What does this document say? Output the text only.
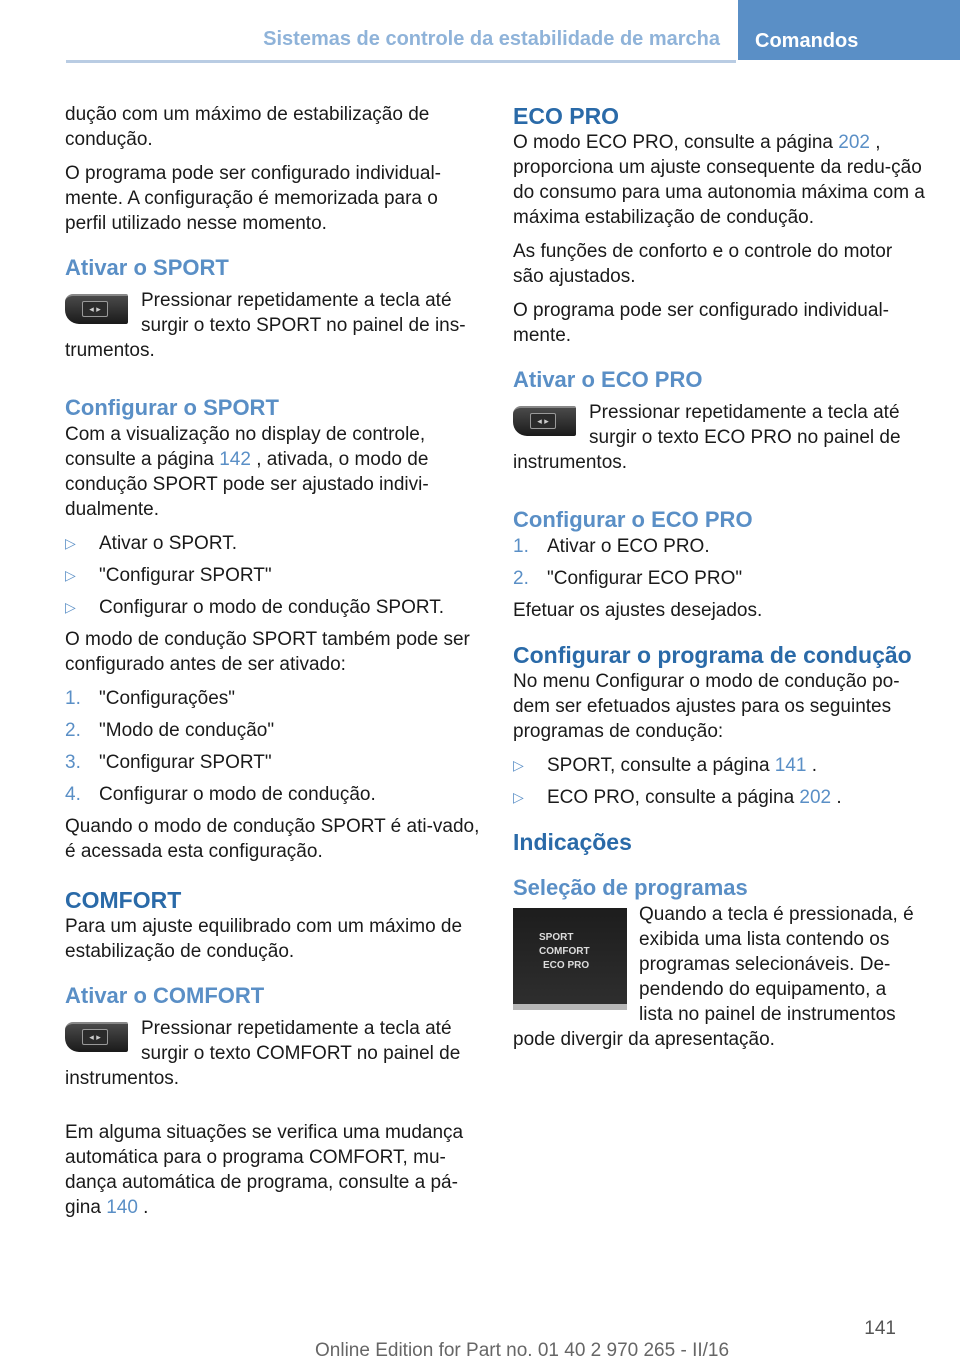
Sistemas de controle da estabilidade de marcha	Comandos

dução com um máximo de estabilização de condução.

O programa pode ser configurado individual‐mente. A configuração é memorizada para o perfil utilizado nesse momento.

Ativar o SPORT
◂ ▸	Pressionar repetidamente a tecla até surgir o texto SPORT no painel de ins‐trumentos.

Configurar o SPORT

Com a visualização no display de controle, consulte a página 142 , ativada, o modo de condução SPORT pode ser ajustado indivi‐dualmente.

▷ Ativar o SPORT.
▷ "Configurar SPORT"
▷ Configurar o modo de condução SPORT.

O modo de condução SPORT também pode ser configurado antes de ser ativado:

1. "Configurações"
2. "Modo de condução"
3. "Configurar SPORT"
4. Configurar o modo de condução.

Quando o modo de condução SPORT é ati‐vado, é acessada esta configuração.

COMFORT

Para um ajuste equilibrado com um máximo de estabilização de condução.

Ativar o COMFORT
◂ ▸	Pressionar repetidamente a tecla até surgir o texto COMFORT no painel de instrumentos.

Em alguma situações se verifica uma mudança automática para o programa COMFORT, mu‐dança automática de programa, consulte a pá‐gina 140 .

ECO PRO

O modo ECO PRO, consulte a página 202 , proporciona um ajuste consequente da redu‐ção do consumo para uma autonomia máxima com a máxima estabilização de condução.

As funções de conforto e o controle do motor são ajustados.

O programa pode ser configurado individual‐mente.

Ativar o ECO PRO
◂ ▸	Pressionar repetidamente a tecla até surgir o texto ECO PRO no painel de instrumentos.

Configurar o ECO PRO
1. Ativar o ECO PRO.
2. "Configurar ECO PRO"

Efetuar os ajustes desejados.

Configurar o programa de condução

No menu Configurar o modo de condução po‐dem ser efetuados ajustes para os seguintes programas de condução:

▷ SPORT, consulte a página 141 .
▷ ECO PRO, consulte a página 202 .
Indicações
Seleção de programas
SPORT
COMFORT
ECO PRO

Quando a tecla é pressionada, é exibida uma lista contendo os programas selecionáveis. De‐pendendo do equipamento, a lista no painel de instrumentos pode divergir da apresentação.

141
Online Edition for Part no. 01 40 2 970 265 - II/16
